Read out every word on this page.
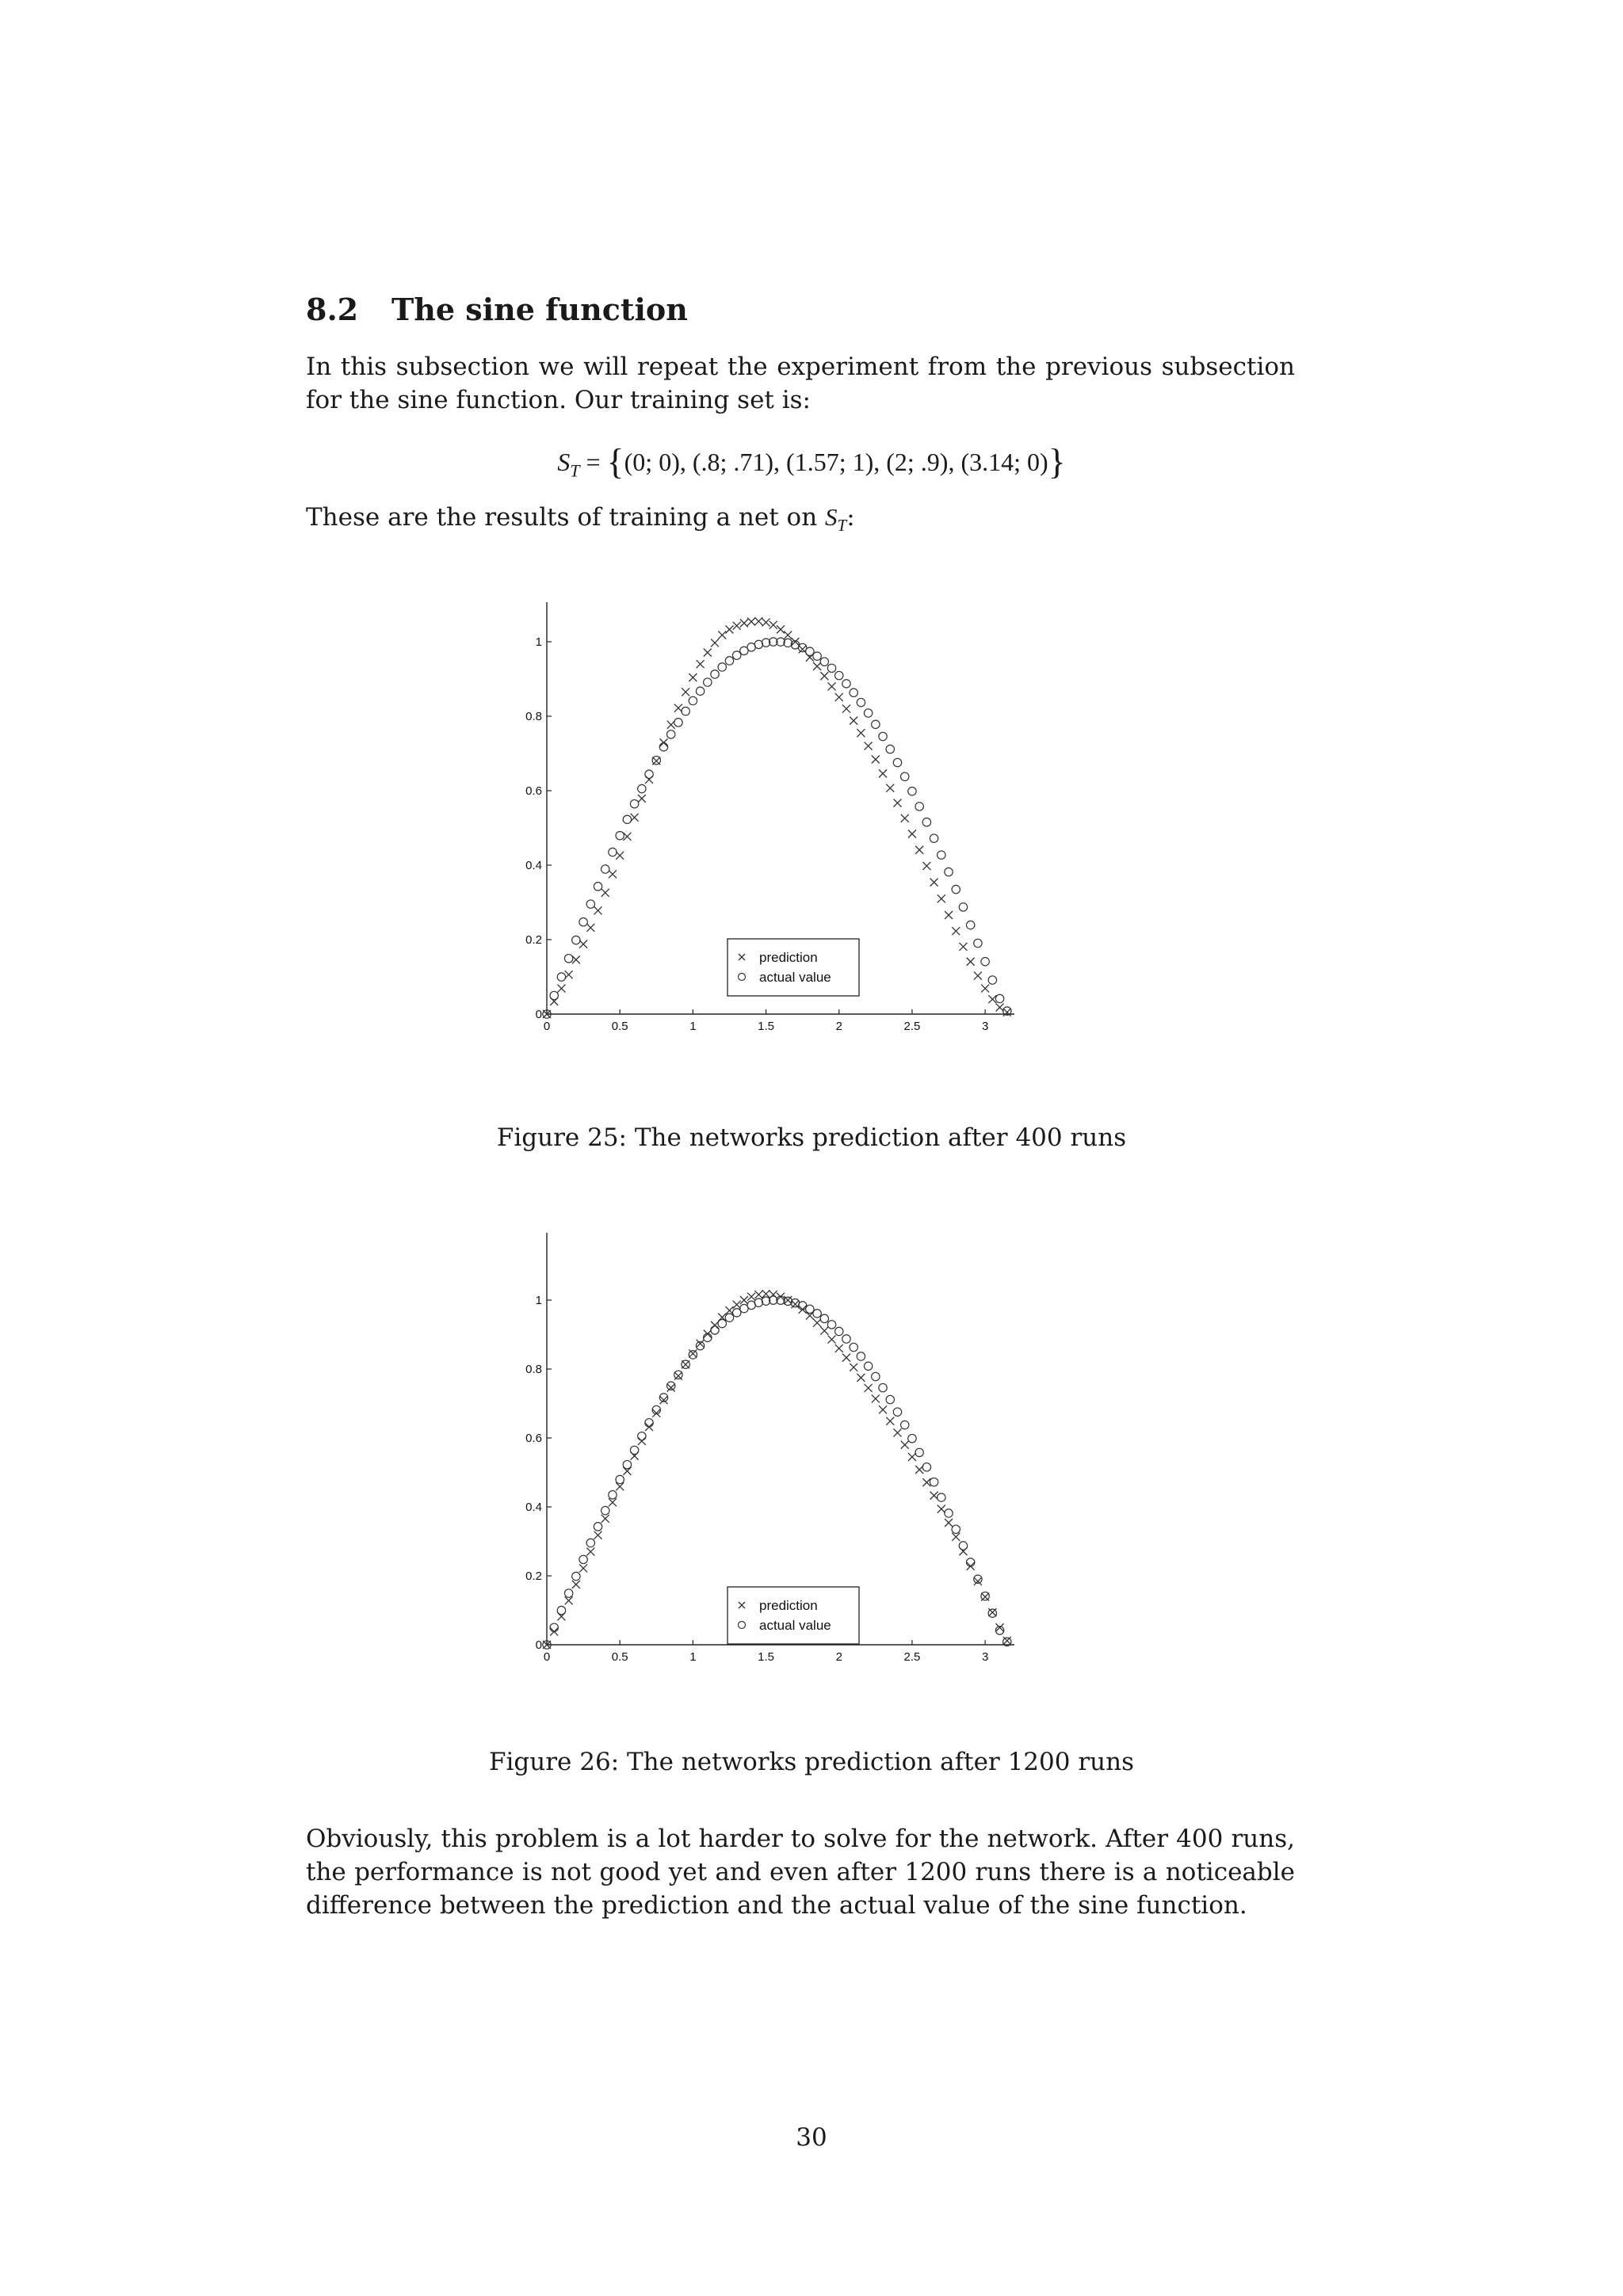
8.2 The sine function

In this subsection we will repeat the experiment from the previous subsection for the sine function. Our training set is:

$S_T = \{(0$; 0), (.8; .71), (1.57; 1), (2; .9), (3.14; 0)}
These are the results of training a net on $S_T$:
0	0.5	1	1.5	2	2.5	3
0
0.2
0.4
0.6
0.8
1
prediction
actual value
Figure 25: The networks prediction after 400 runs
0	0.5	1	1.5	2	2.5	3
0
0.2
0.4
0.6
0.8
1
prediction
actual value
Figure 26: The networks prediction after 1200 runs

Obviously, this problem is a lot harder to solve for the network. After 400 runs, the performance is not good yet and even after 1200 runs there is a noticeable difference between the prediction and the actual value of the sine function.

30
